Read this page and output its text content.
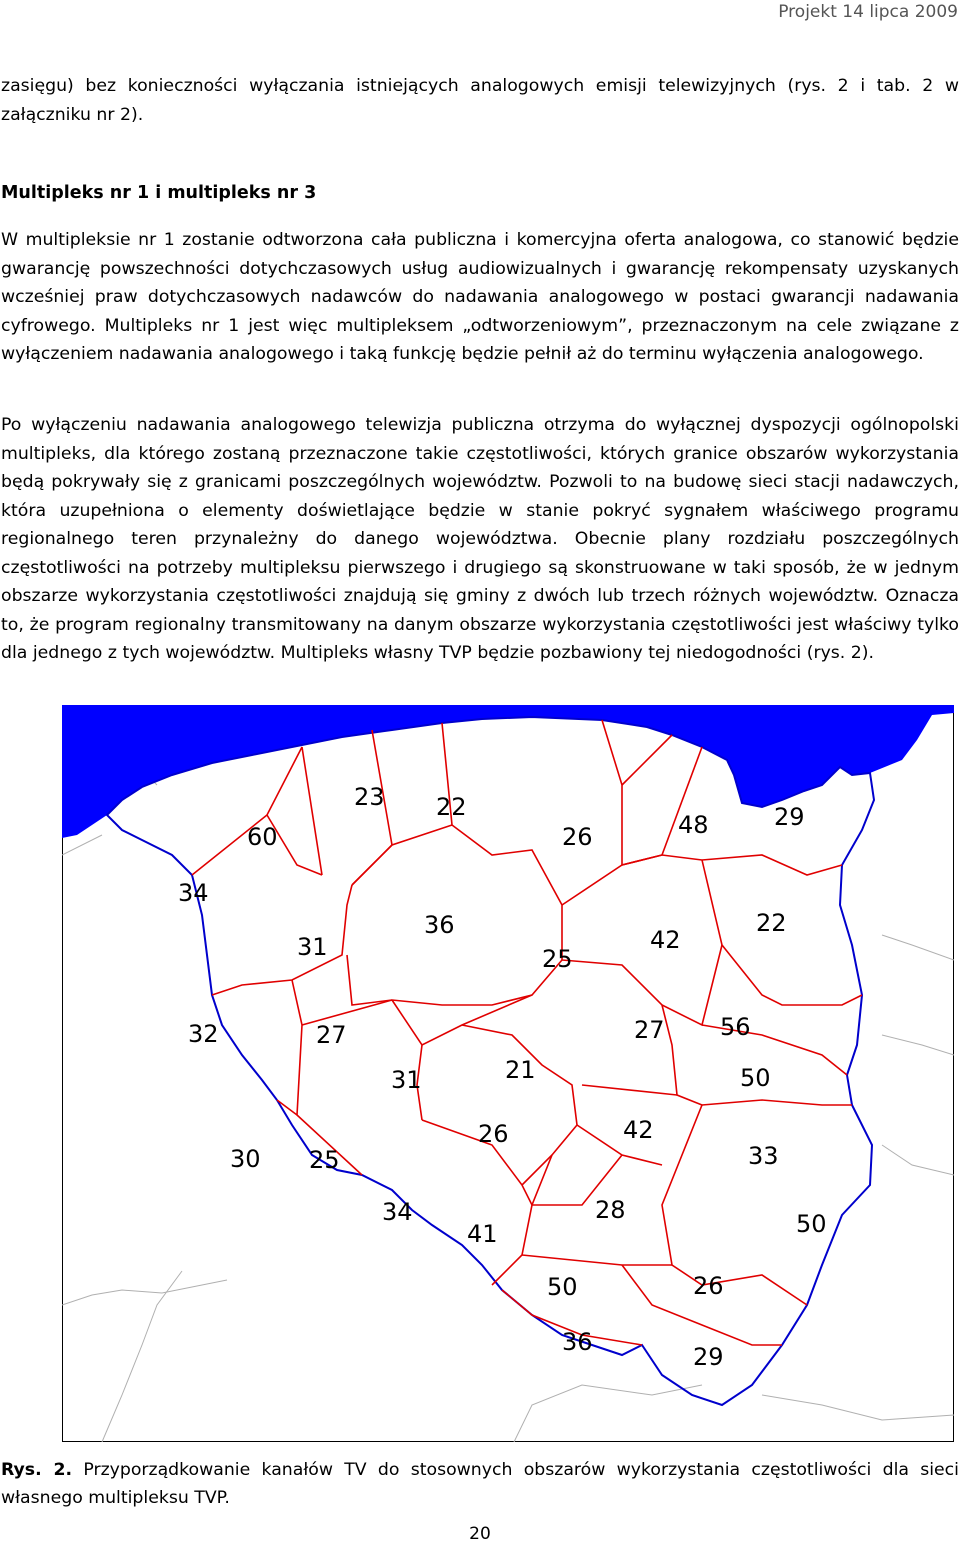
Projekt 14 lipca 2009
zasięgu) bez konieczności wyłączania istniejących analogowych emisji telewizyjnych (rys. 2 i tab. 2 w załączniku nr 2).
Multipleks nr 1 i multipleks nr 3
W multipleksie nr 1 zostanie odtworzona cała publiczna i komercyjna oferta analogowa, co stanowić będzie gwarancję powszechności dotychczasowych usług audiowizualnych i gwarancję rekompensaty uzyskanych wcześniej praw dotychczasowych nadawców do nadawania analogowego w postaci gwarancji nadawania cyfrowego. Multipleks nr 1 jest więc multipleksem „odtworzeniowym”, przeznaczonym na cele związane z wyłączeniem nadawania analogowego i taką funkcję będzie pełnił aż do terminu wyłączenia analogowego.
Po wyłączeniu nadawania analogowego telewizja publiczna otrzyma do wyłącznej dyspozycji ogólnopolski multipleks, dla którego zostaną przeznaczone takie częstotliwości, których granice obszarów wykorzystania będą pokrywały się z granicami poszczególnych województw. Pozwoli to na budowę sieci stacji nadawczych, która uzupełniona o elementy doświetlające będzie w stanie pokryć sygnałem właściwego programu regionalnego teren przynależny do danego województwa. Obecnie plany rozdziału poszczególnych częstotliwości na potrzeby multipleksu pierwszego i drugiego są skonstruowane w taki sposób, że w jednym obszarze wykorzystania częstotliwości znajdują się gminy z dwóch lub trzech różnych województw. Oznacza to, że program regionalny transmitowany na danym obszarze wykorzystania częstotliwości jest właściwy tylko dla jednego z tych województw. Multipleks własny TVP będzie pozbawiony tej niedogodności (rys. 2).
60
23 22
26	48	29
34
31
36
25
42
22
32	27
31	21
27 56
50
30 25
26	42
33
34
41
28	50
50	26
36
29
Rys. 2. Przyporządkowanie kanałów TV do stosownych obszarów wykorzystania częstotliwości dla sieci własnego multipleksu TVP.
20
